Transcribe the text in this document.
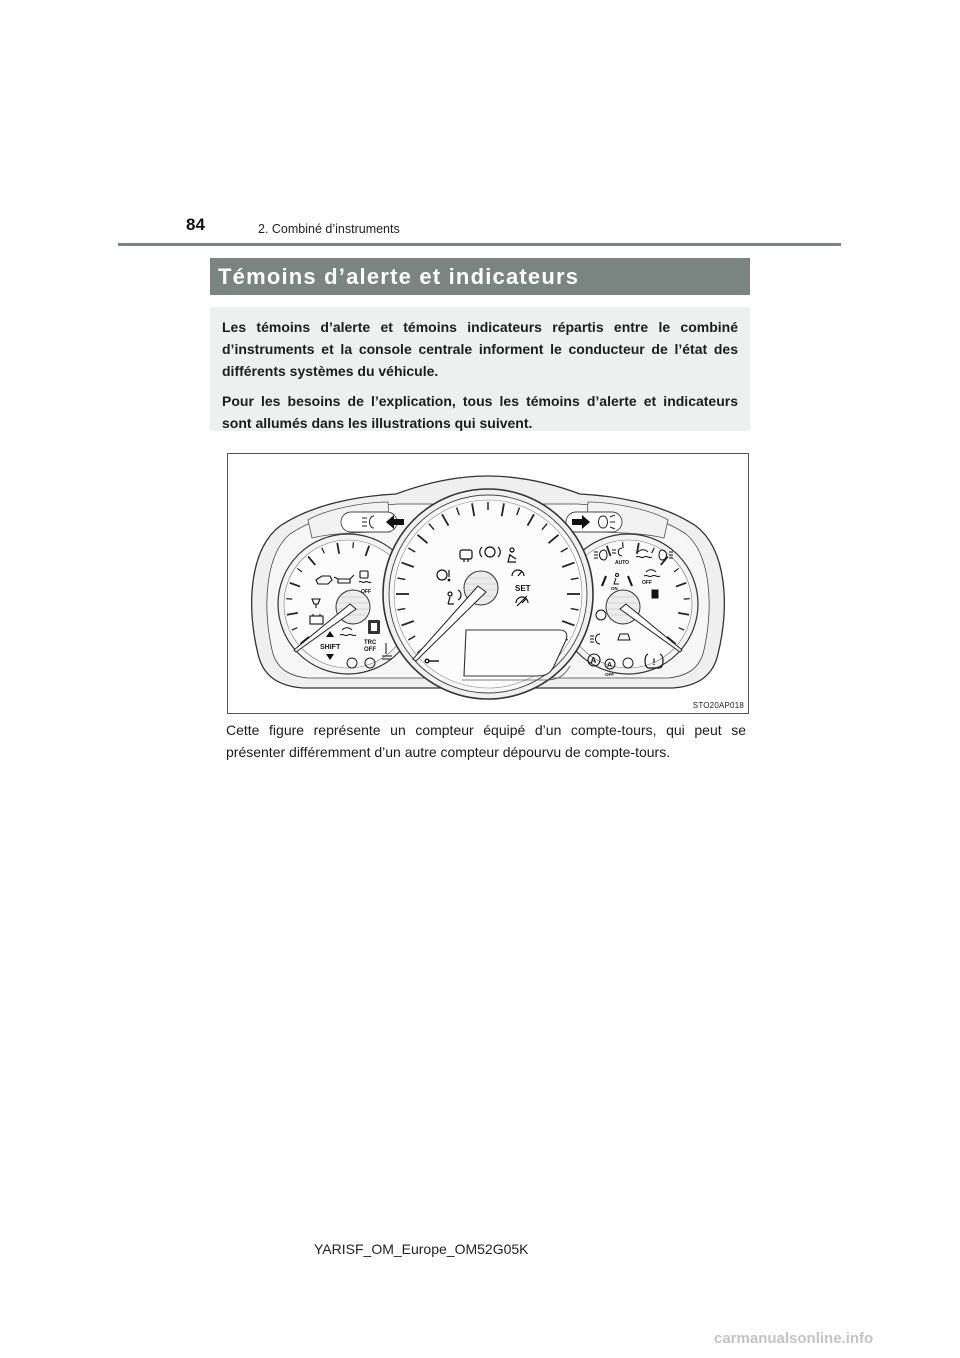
84	2. Combiné d’instruments
Témoins d’alerte et indicateurs

Les témoins d’alerte et témoins indicateurs répartis entre le combiné d’instruments et la console centrale informent le conducteur de l’état des différents systèmes du véhicule.

Pour les besoins de l’explication, tous les témoins d’alerte et indicateurs sont allumés dans les illustrations qui suivent.

SET
OFF
SHIFT
TRC
OFF
AUTO
ON
OFF
A
A
OFF
!
STO20AP018
Cette figure représente un compteur équipé d’un compte-tours, qui peut se présenter différemment d’un autre compteur dépourvu de compte-tours.
YARISF_OM_Europe_OM52G05K
carmanualsonline.info
